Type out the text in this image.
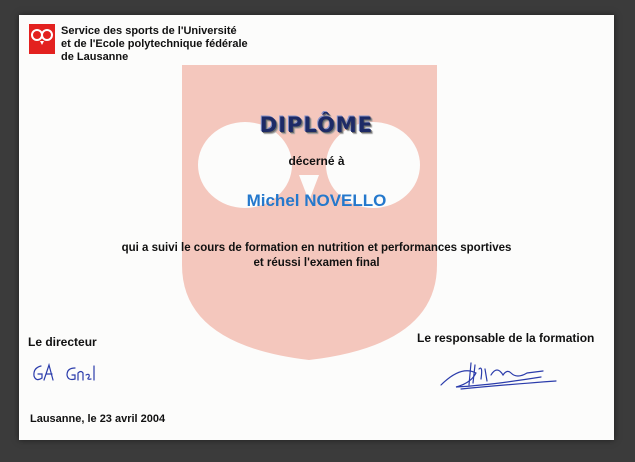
Service des sports de l'Université
et de l'Ecole polytechnique fédérale
de Lausanne
DIPLÔME
décerné à
Michel NOVELLO
qui a suivi le cours de formation en nutrition et performances sportives
et réussi l'examen final
Le directeur	Le responsable de la formation
Lausanne, le 23 avril 2004
